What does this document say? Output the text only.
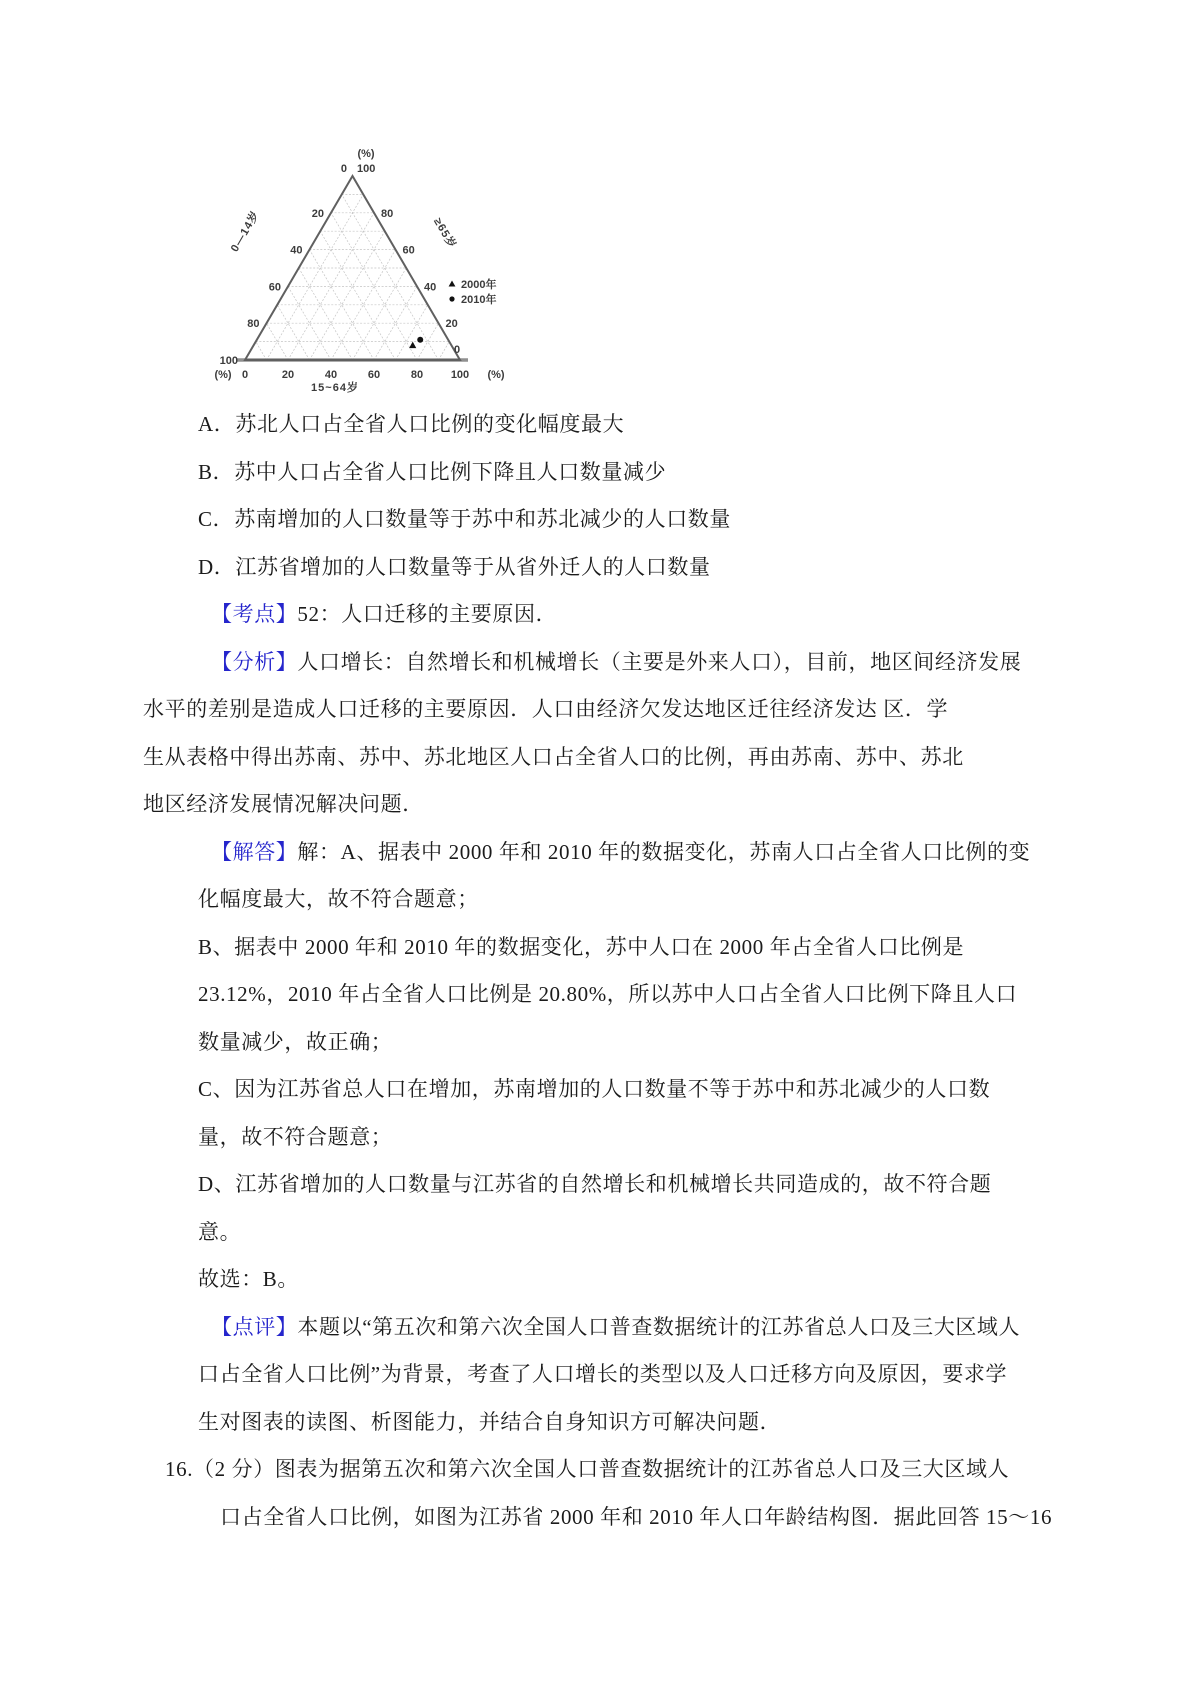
(%)
0
20
40
60
80
100
100
80
60
40
20
0
(%) 0	20	40	60	80	100 (%)
0—14岁	≥65岁
15~64岁
2000年
2010年
A．苏北人口占全省人口比例的变化幅度最大
B．苏中人口占全省人口比例下降且人口数量减少
C．苏南增加的人口数量等于苏中和苏北减少的人口数量
D．江苏省增加的人口数量等于从省外迁人的人口数量
【考点】52：人口迁移的主要原因．
【分析】人口增长：自然增长和机械增长（主要是外来人口），目前，地区间经济发展
水平的差别是造成人口迁移的主要原因．人口由经济欠发达地区迁往经济发达 区．学
生从表格中得出苏南、苏中、苏北地区人口占全省人口的比例，再由苏南、苏中、苏北
地区经济发展情况解决问题．
【解答】解：A、据表中 2000 年和 2010 年的数据变化，苏南人口占全省人口比例的变
化幅度最大，故不符合题意；
B、据表中 2000 年和 2010 年的数据变化，苏中人口在 2000 年占全省人口比例是
23.12%，2010 年占全省人口比例是 20.80%，所以苏中人口占全省人口比例下降且人口
数量减少，故正确；
C、因为江苏省总人口在增加，苏南增加的人口数量不等于苏中和苏北减少的人口数
量，故不符合题意；
D、江苏省增加的人口数量与江苏省的自然增长和机械增长共同造成的，故不符合题
意。
故选：B。
【点评】本题以“第五次和第六次全国人口普查数据统计的江苏省总人口及三大区域人
口占全省人口比例”为背景，考查了人口增长的类型以及人口迁移方向及原因，要求学
生对图表的读图、析图能力，并结合自身知识方可解决问题．
16.（2 分）图表为据第五次和第六次全国人口普查数据统计的江苏省总人口及三大区域人
口占全省人口比例，如图为江苏省 2000 年和 2010 年人口年龄结构图．据此回答 15～16
